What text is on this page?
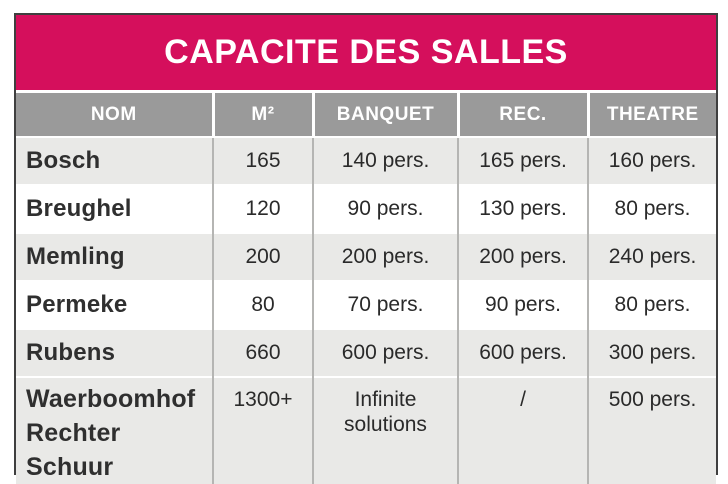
CAPACITE DES SALLES
NOM	M²	BANQUET	REC.	THEATRE
Bosch	165	140 pers.	165 pers.	160 pers.
Breughel	120	90 pers.	130 pers.	80 pers.
Memling	200	200 pers.	200 pers.	240 pers.
Permeke	80	70 pers.	90 pers.	80 pers.
Rubens	660	600 pers.	600 pers.	300 pers.
Waerboomhof Rechter Schuur	1300+	Infinite solutions	/	500 pers.
